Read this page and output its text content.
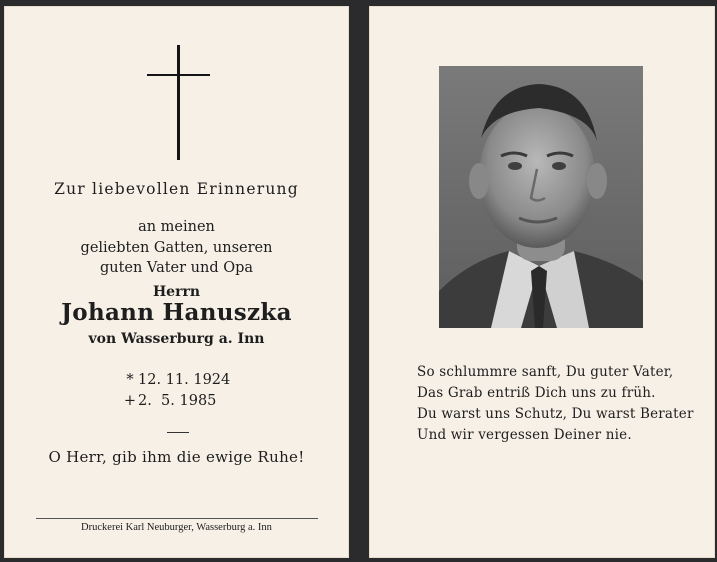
Zur liebevollen Erinnerung
an meinen
geliebten Gatten, unseren
guten Vater und Opa
Herrn
Johann Hanuszka
von Wasserburg a. Inn
* 12. 11. 1924
+ 2.  5. 1985
O Herr, gib ihm die ewige Ruhe!
Druckerei Karl Neuburger, Wasserburg a. Inn
So schlummre sanft, Du guter Vater,
Das Grab entriß Dich uns zu früh.
Du warst uns Schutz, Du warst Berater
Und wir vergessen Deiner nie.
